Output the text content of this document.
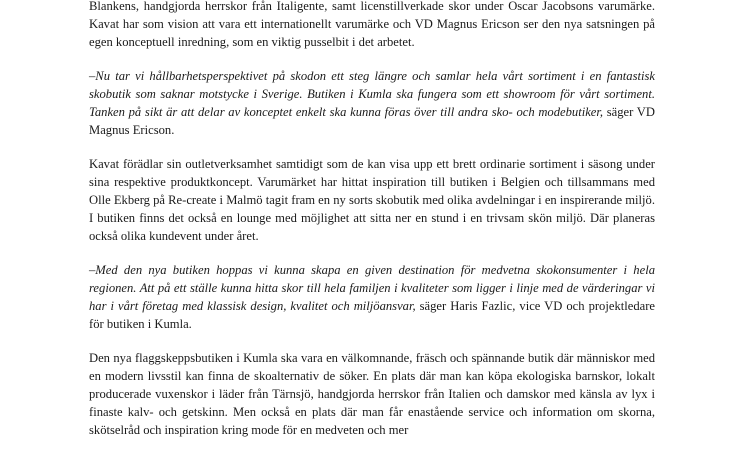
Blankens, handgjorda herrskor från Italigente, samt licenstillverkade skor under Oscar Jacobsons varumärke. Kavat har som vision att vara ett internationellt varumärke och VD Magnus Ericson ser den nya satsningen på egen konceptuell inredning, som en viktig pusselbit i det arbetet.

–Nu tar vi hållbarhetsperspektivet på skodon ett steg längre och samlar hela vårt sortiment i en fantastisk skobutik som saknar motstycke i Sverige. Butiken i Kumla ska fungera som ett showroom för vårt sortiment. Tanken på sikt är att delar av konceptet enkelt ska kunna föras över till andra sko- och modebutiker, säger VD Magnus Ericson.

Kavat förädlar sin outletverksamhet samtidigt som de kan visa upp ett brett ordinarie sortiment i säsong under sina respektive produktkoncept. Varumärket har hittat inspiration till butiken i Belgien och tillsammans med Olle Ekberg på Re-create i Malmö tagit fram en ny sorts skobutik med olika avdelningar i en inspirerande miljö. I butiken finns det också en lounge med möjlighet att sitta ner en stund i en trivsam skön miljö. Där planeras också olika kundevent under året.

–Med den nya butiken hoppas vi kunna skapa en given destination för medvetna skokonsumenter i hela regionen. Att på ett ställe kunna hitta skor till hela familjen i kvaliteter som ligger i linje med de värderingar vi har i vårt företag med klassisk design, kvalitet och miljöansvar, säger Haris Fazlic, vice VD och projektledare för butiken i Kumla.

Den nya flaggskeppsbutiken i Kumla ska vara en välkomnande, fräsch och spännande butik där människor med en modern livsstil kan finna de skoalternativ de söker. En plats där man kan köpa ekologiska barnskor, lokalt producerade vuxenskor i läder från Tärnsjö, handgjorda herrskor från Italien och damskor med känsla av lyx i finaste kalv- och getskinn. Men också en plats där man får enastående service och information om skorna, skötselråd och inspiration kring mode för en medveten och mer
